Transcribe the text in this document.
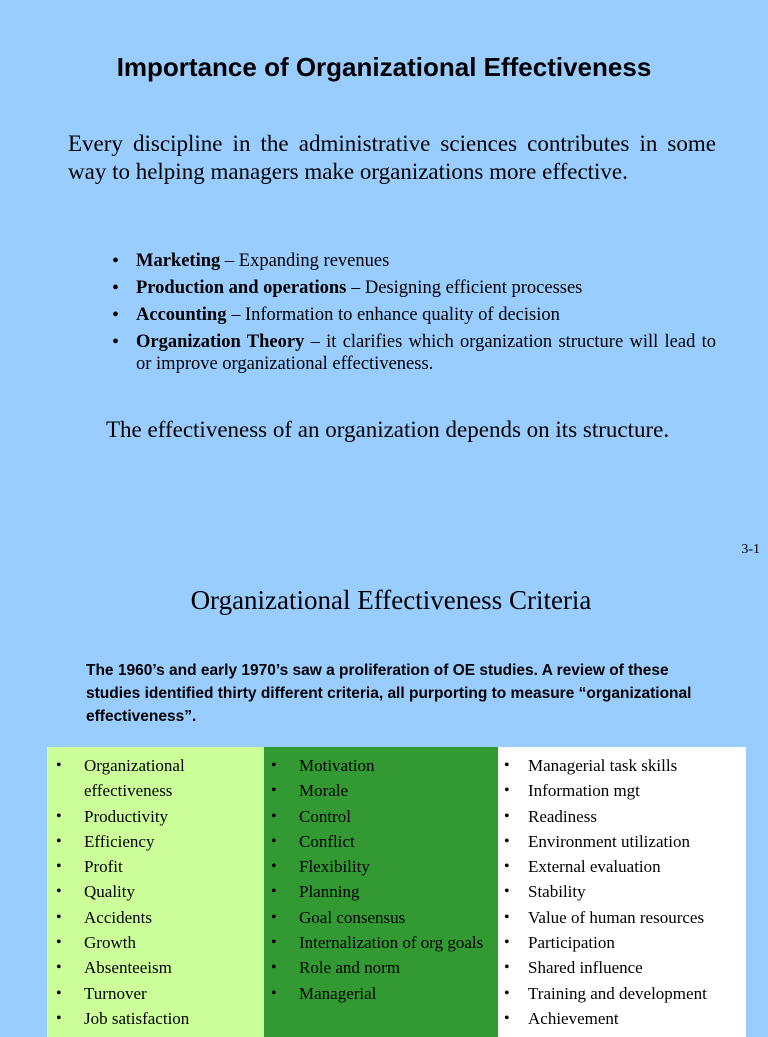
Importance of Organizational Effectiveness
Every discipline in the administrative sciences contributes in some way to helping managers make organizations more effective.
• Marketing – Expanding revenues
• Production and operations – Designing efficient processes
• Accounting – Information to enhance quality of decision
• Organization Theory – it clarifies which organization structure will lead to or improve organizational effectiveness.
The effectiveness of an organization depends on its structure.
3-1
Organizational Effectiveness Criteria
The 1960’s and early 1970’s saw a proliferation of OE studies. A review of these studies identified thirty different criteria, all purporting to measure “organizational effectiveness”.
• Organizational effectiveness
• Productivity
• Efficiency
• Profit
• Quality
• Accidents
• Growth
• Absenteeism
• Turnover
• Job satisfaction
• Motivation
• Morale
• Control
• Conflict
• Flexibility
• Planning
• Goal consensus
• Internalization of org goals
• Role and norm
• Managerial
• Managerial task skills
• Information mgt
• Readiness
• Environment utilization
• External evaluation
• Stability
• Value of human resources
• Participation
• Shared influence
• Training and development
• Achievement
